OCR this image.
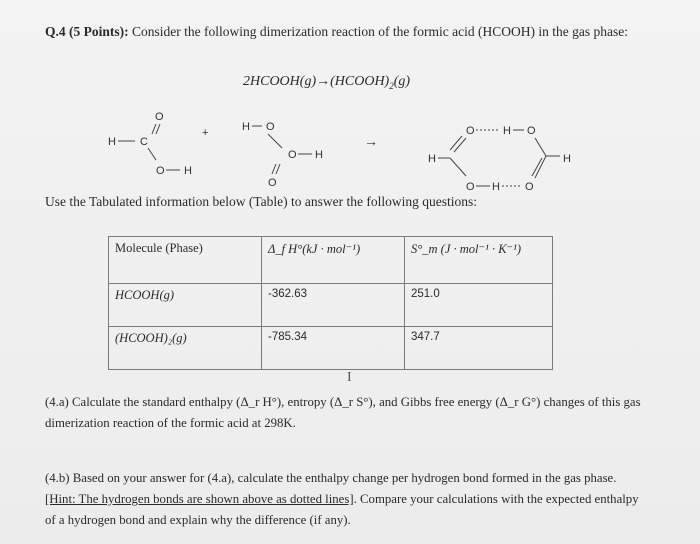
Q.4 (5 Points): Consider the following dimerization reaction of the formic acid (HCOOH) in the gas phase:
$2HCOOH(g)\to(HCOOH)_2(g)$
O
H C
O H
+	H O
O H
O
→
O	H O
H
O H O
H
Use the Tabulated information below (Table) to answer the following questions:
Molecule (Phase)	Δ_f H°(kJ · mol⁻¹)	S°_m (J · mol⁻¹ · K⁻¹)
HCOOH(g)	-362.63	251.0
(HCOOH)₂(g)	-785.34	347.7
I
(4.a) Calculate the standard enthalpy (Δ_r H°), entropy (Δ_r S°), and Gibbs free energy (Δ_r G°) changes of this gas dimerization reaction of the formic acid at 298K.
(4.b) Based on your answer for (4.a), calculate the enthalpy change per hydrogen bond formed in the gas phase. [Hint: The hydrogen bonds are shown above as dotted lines]. Compare your calculations with the expected enthalpy of a hydrogen bond and explain why the difference (if any).
